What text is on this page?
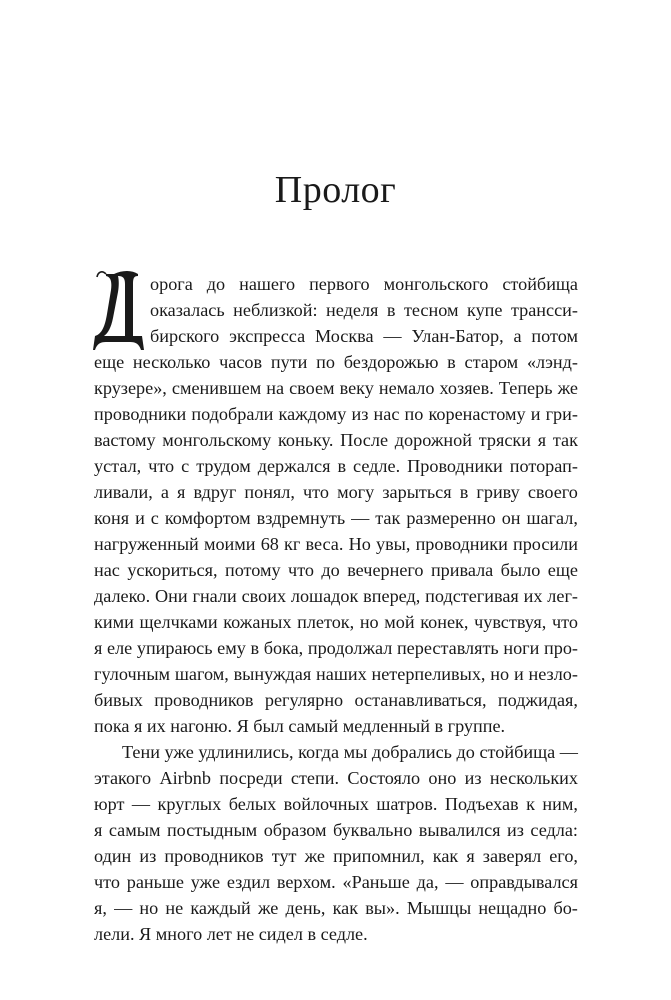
Пролог
орога до нашего первого монгольского стойбища
оказалась неблизкой: неделя в тесном купе трансси-
бирского экспресса Москва — Улан-Батор, а потом
еще несколько часов пути по бездорожью в старом «лэнд-
крузере», сменившем на своем веку немало хозяев. Теперь же
проводники подобрали каждому из нас по коренастому и гри-
вастому монгольскому коньку. После дорожной тряски я так
устал, что с трудом держался в седле. Проводники поторап-
ливали, а я вдруг понял, что могу зарыться в гриву своего
коня и с комфортом вздремнуть — так размеренно он шагал,
нагруженный моими 68 кг веса. Но увы, проводники просили
нас ускориться, потому что до вечернего привала было еще
далеко. Они гнали своих лошадок вперед, подстегивая их лег-
кими щелчками кожаных плеток, но мой конек, чувствуя, что
я еле упираюсь ему в бока, продолжал переставлять ноги про-
гулочным шагом, вынуждая наших нетерпеливых, но и незло-
бивых проводников регулярно останавливаться, поджидая,
пока я их нагоню. Я был самый медленный в группе.
Тени уже удлинились, когда мы добрались до стойбища —
этакого Airbnb посреди степи. Состояло оно из нескольких
юрт — круглых белых войлочных шатров. Подъехав к ним,
я самым постыдным образом буквально вывалился из седла:
один из проводников тут же припомнил, как я заверял его,
что раньше уже ездил верхом. «Раньше да, — оправдывался
я, — но не каждый же день, как вы». Мышцы нещадно бо-
лели. Я много лет не сидел в седле.
